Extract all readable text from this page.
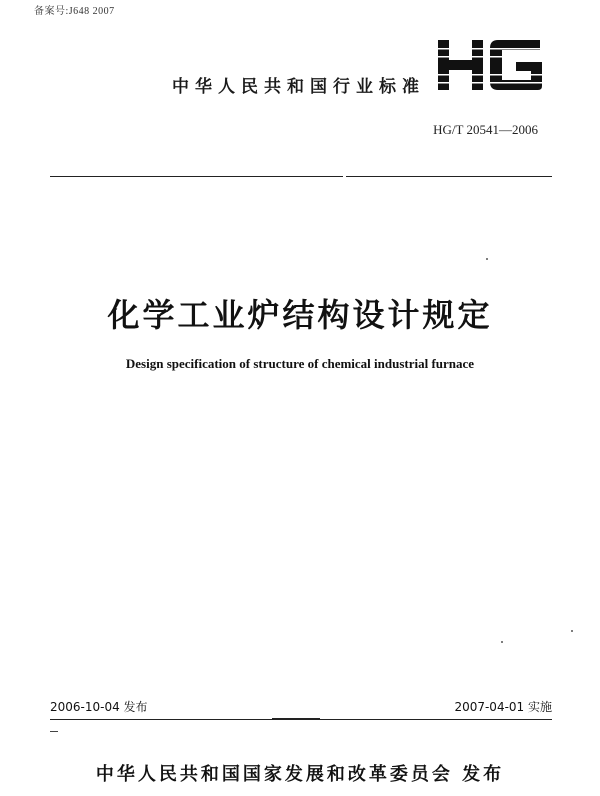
备案号:J648 2007
中华人民共和国行业标准
HG/T 20541—2006
化学工业炉结构设计规定
Design specification of structure of chemical industrial furnace
2006-10-04 发布	2007-04-01 实施
中华人民共和国国家发展和改革委员会 发布
